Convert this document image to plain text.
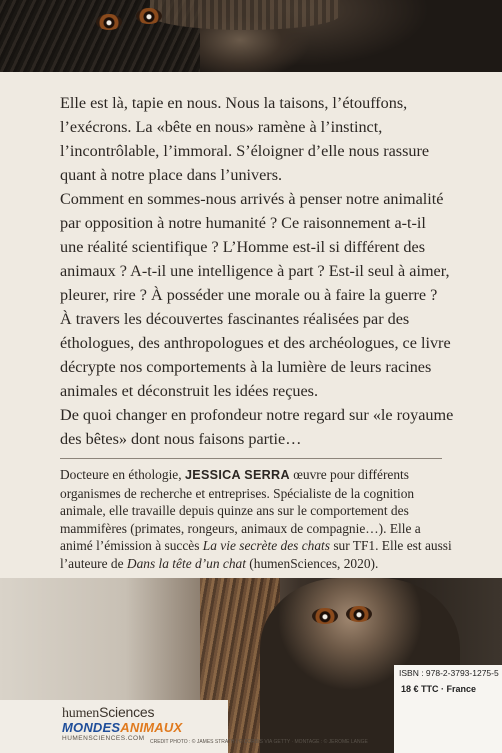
Elle est là, tapie en nous. Nous la taisons, l’étouffons,
l’exécrons. La «bête en nous» ramène à l’instinct,
l’incontrôlable, l’immoral. S’éloigner d’elle nous rassure
quant à notre place dans l’univers.
Comment en sommes-nous arrivés à penser notre animalité
par opposition à notre humanité ? Ce raisonnement a-t-il
une réalité scientifique ? L’Homme est-il si différent des
animaux ? A-t-il une intelligence à part ? Est-il seul à aimer,
pleurer, rire ? À posséder une morale ou à faire la guerre ?
À travers les découvertes fascinantes réalisées par des
éthologues, des anthropologues et des archéologues, ce livre
décrypte nos comportements à la lumière de leurs racines
animales et déconstruit les idées reçues.
De quoi changer en profondeur notre regard sur «le royaume
des bêtes» dont nous faisons partie…
Docteure en éthologie, JESSICA SERRA œuvre pour différents
organismes de recherche et entreprises. Spécialiste de la cognition
animale, elle travaille depuis quinze ans sur le comportement des
mammifères (primates, rongeurs, animaux de compagnie…). Elle a
animé l’émission à succès La vie secrète des chats sur TF1. Elle est aussi
l’auteure de Dans la tête d’un chat (humenSciences, 2020).
humenSciences
MONDESANIMAUX
HUMENSCIENCES.COM
ISBN : 978-2-3793-1275-5
18 € TTC · France
CRÉDIT PHOTO : © JAMES STRATH / © CORBIS VIA GETTY · MONTAGE : © JEROME LANGE
